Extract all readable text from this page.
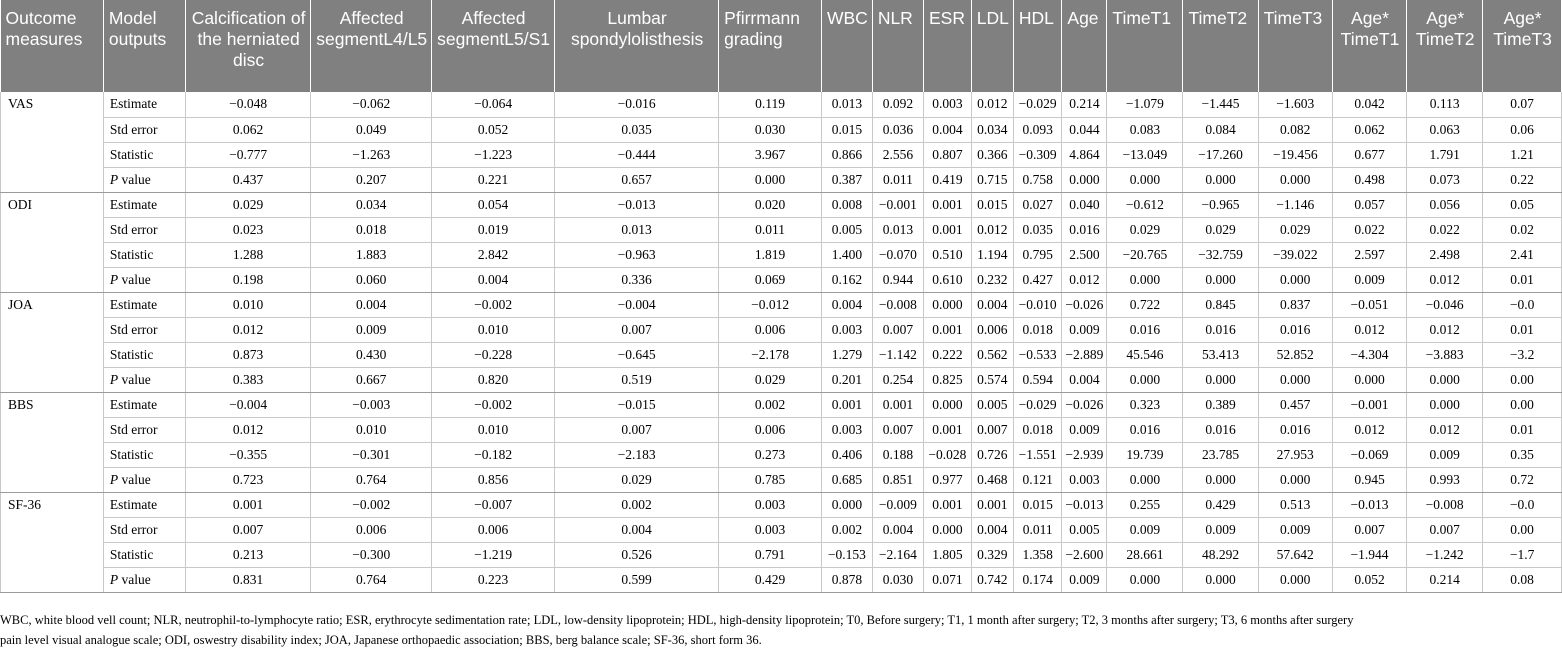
Outcome measures	Model outputs	Calcification of the herniated disc	Affected segmentL4/L5	Affected segmentL5/S1	Lumbar spondylolisthesis	Pfirrmann grading	WBC	NLR	ESR	LDL	HDL	Age	TimeT1	TimeT2	TimeT3	Age* TimeT1	Age* TimeT2	Age* TimeT3
VAS	Estimate	−0.048	−0.062	−0.064	−0.016	0.119	0.013	0.092	0.003	0.012	−0.029	0.214	−1.079	−1.445	−1.603	0.042	0.113	0.07
	Std error	0.062	0.049	0.052	0.035	0.030	0.015	0.036	0.004	0.034	0.093	0.044	0.083	0.084	0.082	0.062	0.063	0.06
	Statistic	−0.777	−1.263	−1.223	−0.444	3.967	0.866	2.556	0.807	0.366	−0.309	4.864	−13.049	−17.260	−19.456	0.677	1.791	1.21
	P value	0.437	0.207	0.221	0.657	0.000	0.387	0.011	0.419	0.715	0.758	0.000	0.000	0.000	0.000	0.498	0.073	0.22
ODI	Estimate	0.029	0.034	0.054	−0.013	0.020	0.008	−0.001	0.001	0.015	0.027	0.040	−0.612	−0.965	−1.146	0.057	0.056	0.05
	Std error	0.023	0.018	0.019	0.013	0.011	0.005	0.013	0.001	0.012	0.035	0.016	0.029	0.029	0.029	0.022	0.022	0.02
	Statistic	1.288	1.883	2.842	−0.963	1.819	1.400	−0.070	0.510	1.194	0.795	2.500	−20.765	−32.759	−39.022	2.597	2.498	2.41
	P value	0.198	0.060	0.004	0.336	0.069	0.162	0.944	0.610	0.232	0.427	0.012	0.000	0.000	0.000	0.009	0.012	0.01
JOA	Estimate	0.010	0.004	−0.002	−0.004	−0.012	0.004	−0.008	0.000	0.004	−0.010	−0.026	0.722	0.845	0.837	−0.051	−0.046	−0.0
	Std error	0.012	0.009	0.010	0.007	0.006	0.003	0.007	0.001	0.006	0.018	0.009	0.016	0.016	0.016	0.012	0.012	0.01
	Statistic	0.873	0.430	−0.228	−0.645	−2.178	1.279	−1.142	0.222	0.562	−0.533	−2.889	45.546	53.413	52.852	−4.304	−3.883	−3.2
	P value	0.383	0.667	0.820	0.519	0.029	0.201	0.254	0.825	0.574	0.594	0.004	0.000	0.000	0.000	0.000	0.000	0.00
BBS	Estimate	−0.004	−0.003	−0.002	−0.015	0.002	0.001	0.001	0.000	0.005	−0.029	−0.026	0.323	0.389	0.457	−0.001	0.000	0.00
	Std error	0.012	0.010	0.010	0.007	0.006	0.003	0.007	0.001	0.007	0.018	0.009	0.016	0.016	0.016	0.012	0.012	0.01
	Statistic	−0.355	−0.301	−0.182	−2.183	0.273	0.406	0.188	−0.028	0.726	−1.551	−2.939	19.739	23.785	27.953	−0.069	0.009	0.35
	P value	0.723	0.764	0.856	0.029	0.785	0.685	0.851	0.977	0.468	0.121	0.003	0.000	0.000	0.000	0.945	0.993	0.72
SF-36	Estimate	0.001	−0.002	−0.007	0.002	0.003	0.000	−0.009	0.001	0.001	0.015	−0.013	0.255	0.429	0.513	−0.013	−0.008	−0.0
	Std error	0.007	0.006	0.006	0.004	0.003	0.002	0.004	0.000	0.004	0.011	0.005	0.009	0.009	0.009	0.007	0.007	0.00
	Statistic	0.213	−0.300	−1.219	0.526	0.791	−0.153	−2.164	1.805	0.329	1.358	−2.600	28.661	48.292	57.642	−1.944	−1.242	−1.7
	P value	0.831	0.764	0.223	0.599	0.429	0.878	0.030	0.071	0.742	0.174	0.009	0.000	0.000	0.000	0.052	0.214	0.08

WBC, white blood vell count; NLR, neutrophil-to-lymphocyte ratio; ESR, erythrocyte sedimentation rate; LDL, low-density lipoprotein; HDL, high-density lipoprotein; T0, Before surgery; T1, 1 month after surgery; T2, 3 months after surgery; T3, 6 months after surgery

pain level visual analogue scale; ODI, oswestry disability index; JOA, Japanese orthopaedic association; BBS, berg balance scale; SF-36, short form 36.
